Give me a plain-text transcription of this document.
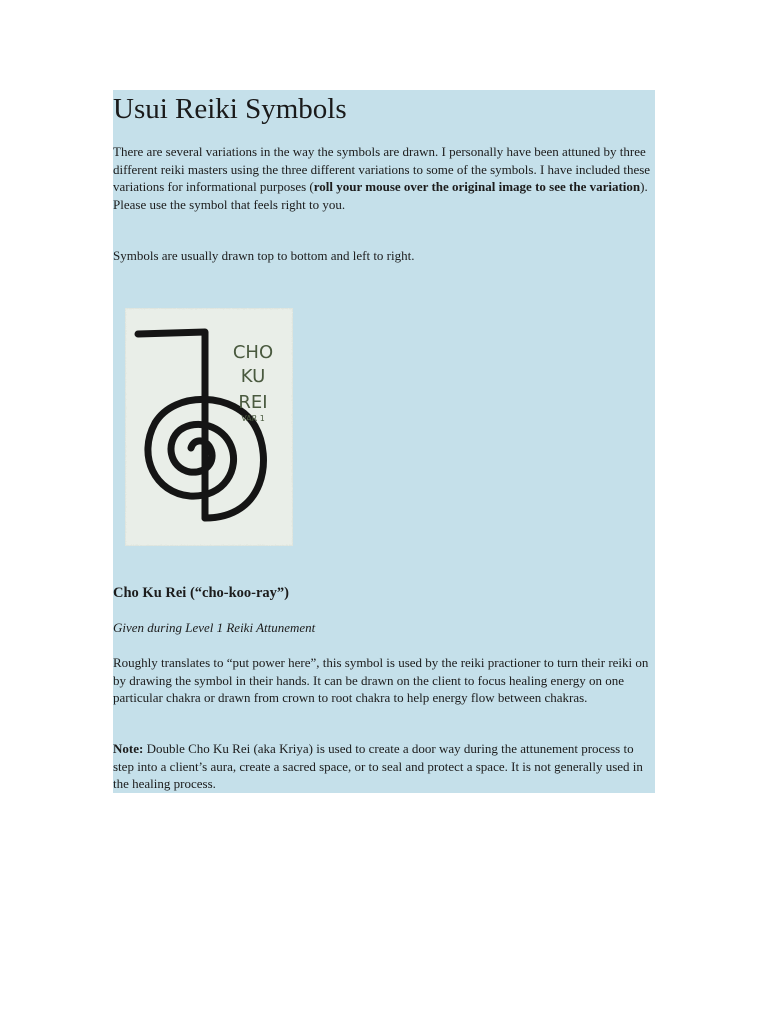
Usui Reiki Symbols

There are several variations in the way the symbols are drawn. I personally have been attuned by three different reiki masters using the three different variations to some of the symbols. I have included these variations for informational purposes (roll your mouse over the original image to see the variation). Please use the symbol that feels right to you.

Symbols are usually drawn top to bottom and left to right.

CHO
KU
REI
VAR 1
Cho Ku Rei (“cho-koo-ray”)

Given during Level 1 Reiki Attunement

Roughly translates to “put power here”, this symbol is used by the reiki practioner to turn their reiki on by drawing the symbol in their hands. It can be drawn on the client to focus healing energy on one particular chakra or drawn from crown to root chakra to help energy flow between chakras.

Note: Double Cho Ku Rei (aka Kriya) is used to create a door way during the attunement process to step into a client’s aura, create a sacred space, or to seal and protect a space. It is not generally used in the healing process.
